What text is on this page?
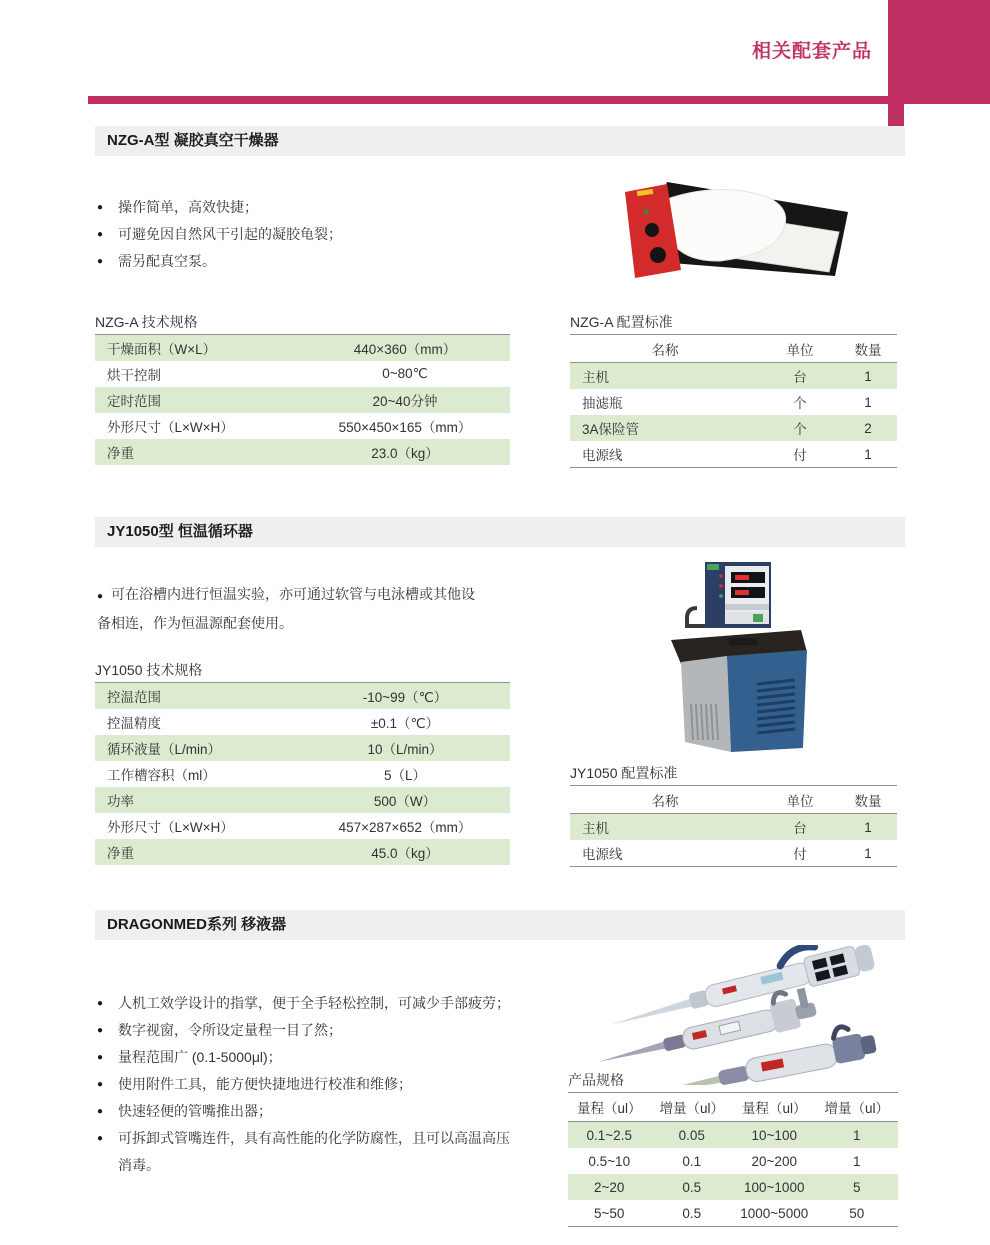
相关配套产品
NZG-A型 凝胶真空干燥器
●	操作简单，高效快捷；
●	可避免因自然风干引起的凝胶龟裂；
●	需另配真空泵。
NZG-A 技术规格
干燥面积（W×L）	440×360（mm）
烘干控制	0~80℃
定时范围	20~40分钟
外形尺寸（L×W×H）	550×450×165（mm）
净重	23.0（kg）
NZG-A 配置标准
名称	单位	数量
主机	台	1
抽滤瓶	个	1
3A保险管	个	2
电源线	付	1
JY1050型 恒温循环器
● 可在浴槽内进行恒温实验，亦可通过软管与电泳槽或其他设备相连，作为恒温源配套使用。
JY1050 技术规格
控温范围	-10~99（℃）
控温精度	±0.1（℃）
循环液量（L/min）	10（L/min）
工作槽容积（ml）	5（L）
功率	500（W）
外形尺寸（L×W×H）	457×287×652（mm）
净重	45.0（kg）
JY1050 配置标准
名称	单位	数量
主机	台	1
电源线	付	1
DRAGONMED系列 移液器
●	人机工效学设计的指掌，便于全手轻松控制，可减少手部疲劳；
●	数字视窗，令所设定量程一目了然；
●	量程范围广 (0.1-5000μl)；
●	使用附件工具，能方便快捷地进行校准和维修；
●	快速轻便的管嘴推出器；
●	可拆卸式管嘴连件，具有高性能的化学防腐性，且可以高温高压消毒。
产品规格
量程（ul）	增量（ul）	量程（ul）	增量（ul）
0.1~2.5	0.05	10~100	1
0.5~10	0.1	20~200	1
2~20	0.5	100~1000	5
5~50	0.5	1000~5000	50
